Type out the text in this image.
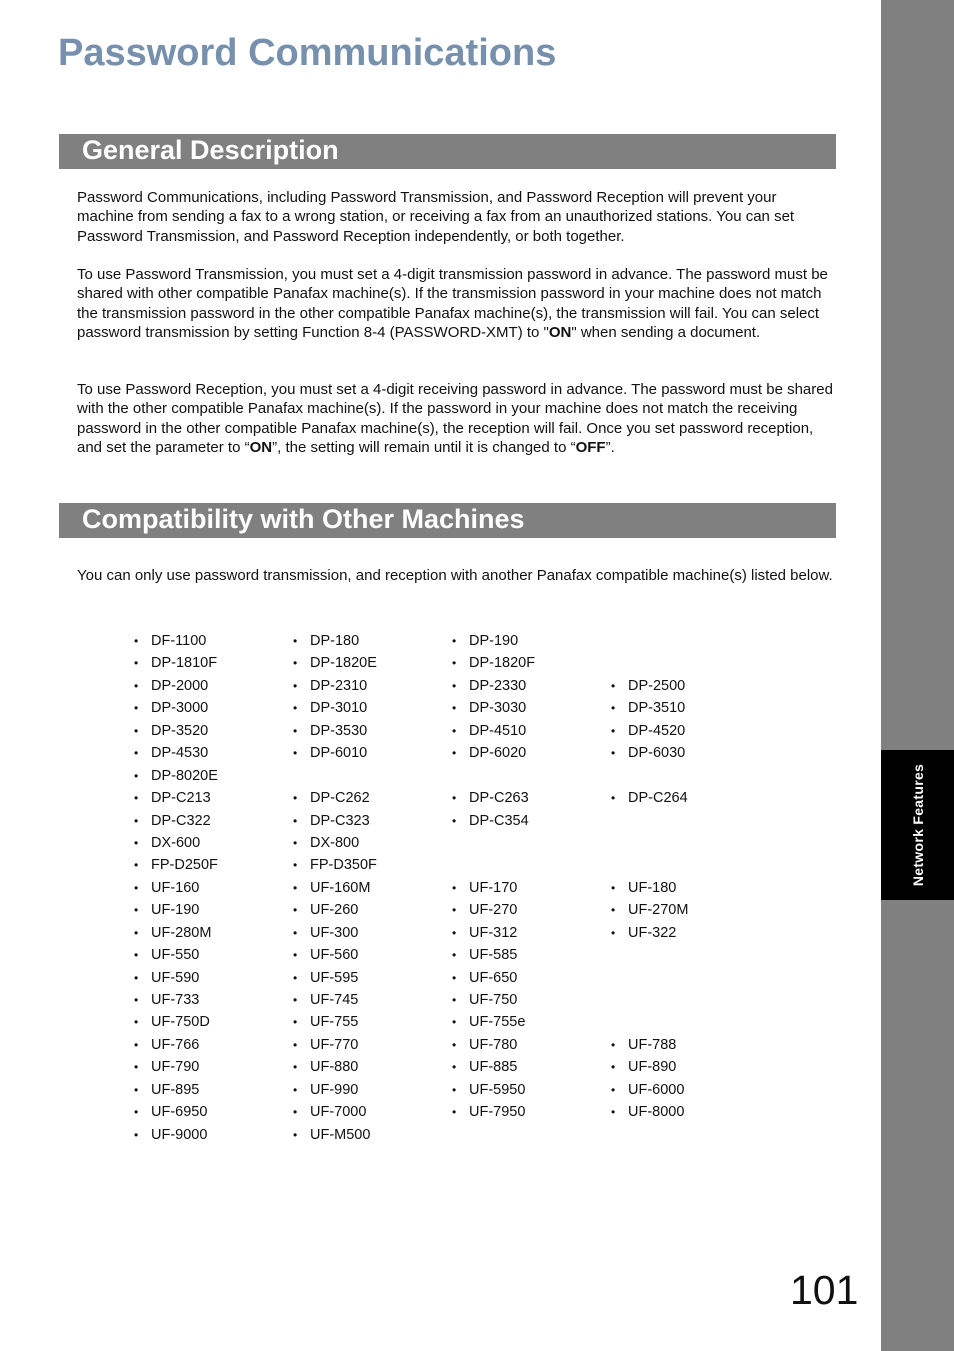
Network Features
Password Communications
General Description

Password Communications, including Password Transmission, and Password Reception will prevent your machine from sending a fax to a wrong station, or receiving a fax from an unauthorized stations. You can set Password Transmission, and Password Reception independently, or both together.

To use Password Transmission, you must set a 4-digit transmission password in advance. The password must be shared with other compatible Panafax machine(s). If the transmission password in your machine does not match the transmission password in the other compatible Panafax machine(s), the transmission will fail. You can select password transmission by setting Function 8-4 (PASSWORD-XMT) to "ON" when sending a document.

To use Password Reception, you must set a 4-digit receiving password in advance. The password must be shared with the other compatible Panafax machine(s). If the password in your machine does not match the receiving password in the other compatible Panafax machine(s), the reception will fail. Once you set password reception, and set the parameter to “ON”, the setting will remain until it is changed to “OFF”.

Compatibility with Other Machines

You can only use password transmission, and reception with another Panafax compatible machine(s) listed below.

• DF-1100	• DP-180	• DP-190
• DP-1810F	• DP-1820E	• DP-1820F
• DP-2000	• DP-2310	• DP-2330	• DP-2500
• DP-3000	• DP-3010	• DP-3030	• DP-3510
• DP-3520	• DP-3530	• DP-4510	• DP-4520
• DP-4530	• DP-6010	• DP-6020	• DP-6030
• DP-8020E
• DP-C213	• DP-C262	• DP-C263	• DP-C264
• DP-C322	• DP-C323	• DP-C354
• DX-600	• DX-800
• FP-D250F	• FP-D350F
• UF-160	• UF-160M	• UF-170	• UF-180
• UF-190	• UF-260	• UF-270	• UF-270M
• UF-280M	• UF-300	• UF-312	• UF-322
• UF-550	• UF-560	• UF-585
• UF-590	• UF-595	• UF-650
• UF-733	• UF-745	• UF-750
• UF-750D	• UF-755	• UF-755e
• UF-766	• UF-770	• UF-780	• UF-788
• UF-790	• UF-880	• UF-885	• UF-890
• UF-895	• UF-990	• UF-5950	• UF-6000
• UF-6950	• UF-7000	• UF-7950	• UF-8000
• UF-9000	• UF-M500
101
